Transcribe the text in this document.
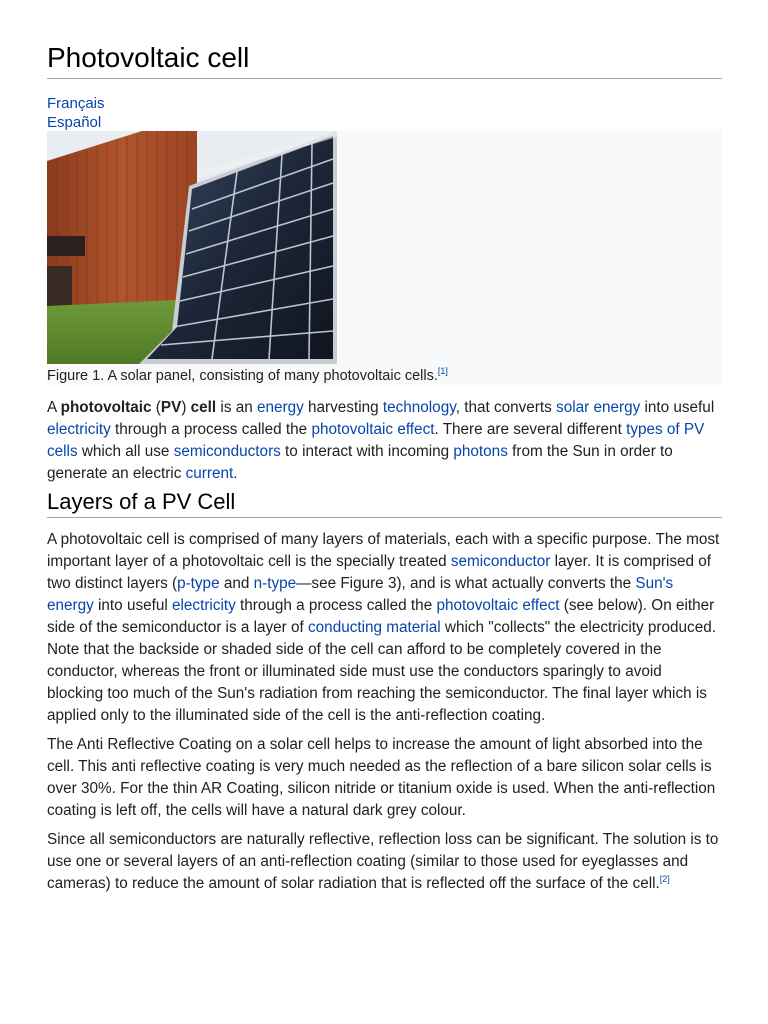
Photovoltaic cell
Français
Español
Figure 1. A solar panel, consisting of many photovoltaic cells.[1]

A photovoltaic (PV) cell is an energy harvesting technology, that converts solar energy into useful electricity through a process called the photovoltaic effect. There are several different types of PV cells which all use semiconductors to interact with incoming photons from the Sun in order to generate an electric current.

Layers of a PV Cell

A photovoltaic cell is comprised of many layers of materials, each with a specific purpose. The most important layer of a photovoltaic cell is the specially treated semiconductor layer. It is comprised of two distinct layers (p-type and n-type—see Figure 3), and is what actually converts the Sun's energy into useful electricity through a process called the photovoltaic effect (see below). On either side of the semiconductor is a layer of conducting material which "collects" the electricity produced. Note that the backside or shaded side of the cell can afford to be completely covered in the conductor, whereas the front or illuminated side must use the conductors sparingly to avoid blocking too much of the Sun's radiation from reaching the semiconductor. The final layer which is applied only to the illuminated side of the cell is the anti-reflection coating.

The Anti Reflective Coating on a solar cell helps to increase the amount of light absorbed into the cell. This anti reflective coating is very much needed as the reflection of a bare silicon solar cells is over 30%. For the thin AR Coating, silicon nitride or titanium oxide is used. When the anti-reflection coating is left off, the cells will have a natural dark grey colour.

Since all semiconductors are naturally reflective, reflection loss can be significant. The solution is to use one or several layers of an anti-reflection coating (similar to those used for eyeglasses and cameras) to reduce the amount of solar radiation that is reflected off the surface of the cell.[2]
